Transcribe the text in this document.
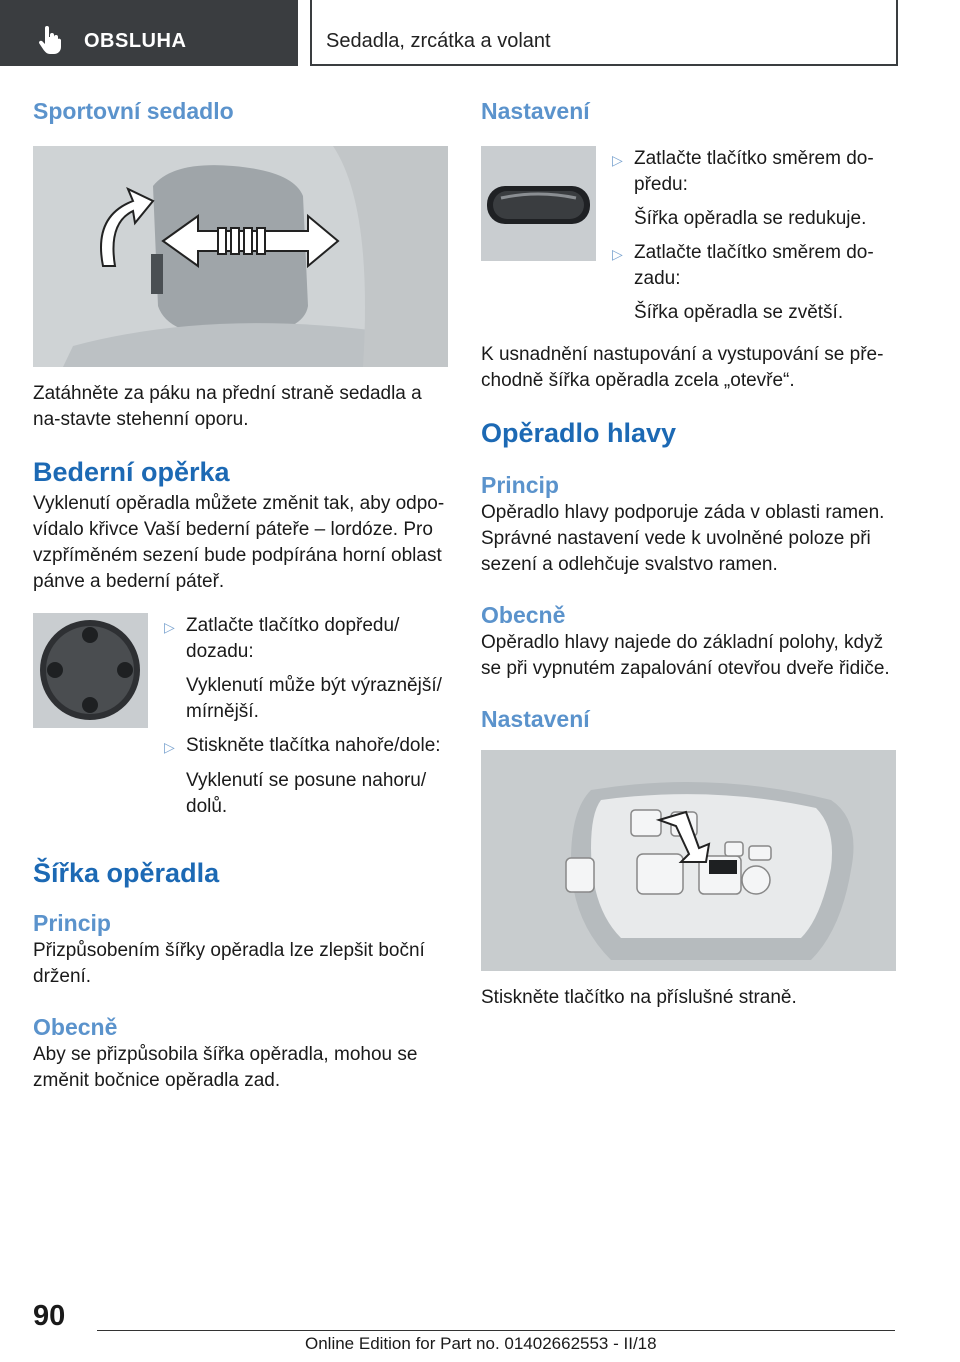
OBSLUHA	Sedadla, zrcátka a volant
Sportovní sedadlo

Zatáhněte za páku na přední straně sedadla a na‐stavte stehenní oporu.

Bederní opěrka

Vyklenutí opěradla můžete změnit tak, aby odpo‐vídalo křivce Vaší bederní páteře – lordóze. Pro vzpříměném sezení bude podpírána horní oblast pánve a bederní páteř.

▷ Zatlačte tlačítko dopředu/ dozadu:
Vyklenutí může být výraznější/ mírnější.
▷ Stiskněte tlačítka nahoře/dole:
Vyklenutí se posune nahoru/ dolů.
Šířka opěradla
Princip

Přizpůsobením šířky opěradla lze zlepšit boční držení.

Obecně

Aby se přizpůsobila šířka opěradla, mohou se změnit bočnice opěradla zad.

Nastavení
▷ Zatlačte tlačítko směrem do‐ předu:
Šířka opěradla se redukuje.
▷ Zatlačte tlačítko směrem do‐ zadu:
Šířka opěradla se zvětší.

K usnadnění nastupování a vystupování se pře‐chodně šířka opěradla zcela „otevře“.

Opěradlo hlavy
Princip

Opěradlo hlavy podporuje záda v oblasti ramen. Správné nastavení vede k uvolněné poloze při sezení a odlehčuje svalstvo ramen.

Obecně

Opěradlo hlavy najede do základní polohy, když se při vypnutém zapalování otevřou dveře řidiče.

Nastavení

Stiskněte tlačítko na příslušné straně.

90
Online Edition for Part no. 01402662553 - II/18
